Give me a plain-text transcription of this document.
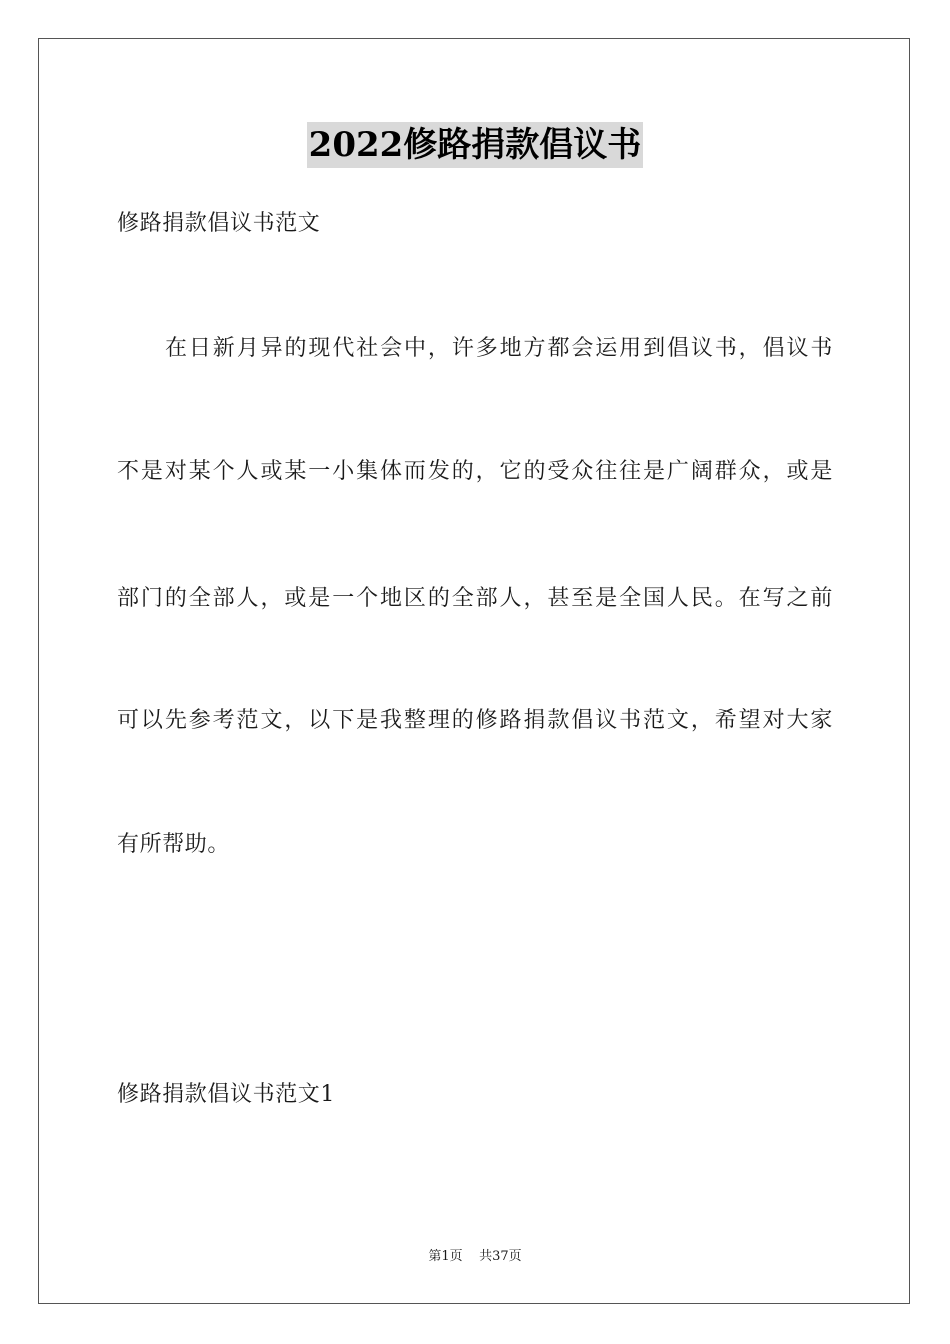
2022修路捐款倡议书
修路捐款倡议书范文
在日新月异的现代社会中，许多地方都会运用到倡议书，倡议书
不是对某个人或某一小集体而发的，它的受众往往是广阔群众，或是
部门的全部人，或是一个地区的全部人，甚至是全国人民。在写之前
可以先参考范文，以下是我整理的修路捐款倡议书范文，希望对大家
有所帮助。
修路捐款倡议书范文1
第1页 共37页
